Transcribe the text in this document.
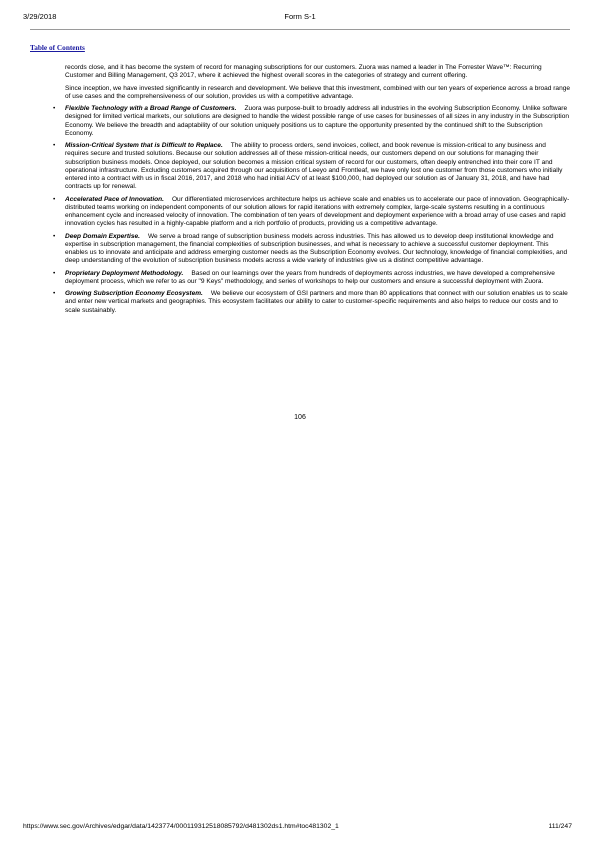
3/29/2018	Form S-1
Table of Contents

records close, and it has become the system of record for managing subscriptions for our customers. Zuora was named a leader in The Forrester Wave™: Recurring Customer and Billing Management, Q3 2017, where it achieved the highest overall scores in the categories of strategy and current offering.

Since inception, we have invested significantly in research and development. We believe that this investment, combined with our ten years of experience across a broad range of use cases and the comprehensiveness of our solution, provides us with a competitive advantage.

• Flexible Technology with a Broad Range of Customers. Zuora was purpose-built to broadly address all industries in the evolving Subscription Economy. Unlike software designed for limited vertical markets, our solutions are designed to handle the widest possible range of use cases for businesses of all sizes in any industry in the Subscription Economy. We believe the breadth and adaptability of our solution uniquely positions us to capture the opportunity presented by the continued shift to the Subscription Economy.
• Mission-Critical System that is Difficult to Replace. The ability to process orders, send invoices, collect, and book revenue is mission-critical to any business and requires secure and trusted solutions. Because our solution addresses all of these mission-critical needs, our customers depend on our solutions for managing their subscription business models. Once deployed, our solution becomes a mission critical system of record for our customers, often deeply entrenched into their core IT and operational infrastructure. Excluding customers acquired through our acquisitions of Leeyo and Frontleaf, we have only lost one customer from those customers who initially entered into a contract with us in fiscal 2016, 2017, and 2018 who had initial ACV of at least $100,000, had deployed our solution as of January 31, 2018, and have had contracts up for renewal.
• Accelerated Pace of Innovation. Our differentiated microservices architecture helps us achieve scale and enables us to accelerate our pace of innovation. Geographically-distributed teams working on independent components of our solution allows for rapid iterations with extremely complex, large-scale systems resulting in a continuous enhancement cycle and increased velocity of innovation. The combination of ten years of development and deployment experience with a broad array of use cases and rapid innovation cycles has resulted in a highly-capable platform and a rich portfolio of products, providing us a competitive advantage.
• Deep Domain Expertise. We serve a broad range of subscription business models across industries. This has allowed us to develop deep institutional knowledge and expertise in subscription management, the financial complexities of subscription businesses, and what is necessary to achieve a successful customer deployment. This enables us to innovate and anticipate and address emerging customer needs as the Subscription Economy evolves. Our technology, knowledge of financial complexities, and deep understanding of the evolution of subscription business models across a wide variety of industries give us a distinct competitive advantage.
• Proprietary Deployment Methodology. Based on our learnings over the years from hundreds of deployments across industries, we have developed a comprehensive deployment process, which we refer to as our "9 Keys" methodology, and series of workshops to help our customers and ensure a successful deployment with Zuora.
• Growing Subscription Economy Ecosystem. We believe our ecosystem of GSI partners and more than 80 applications that connect with our solution enables us to scale and enter new vertical markets and geographies. This ecosystem facilitates our ability to cater to customer-specific requirements and also helps to reduce our costs and to scale sustainably.
106
https://www.sec.gov/Archives/edgar/data/1423774/000119312518085792/d481302ds1.htm#toc481302_1	111/247
